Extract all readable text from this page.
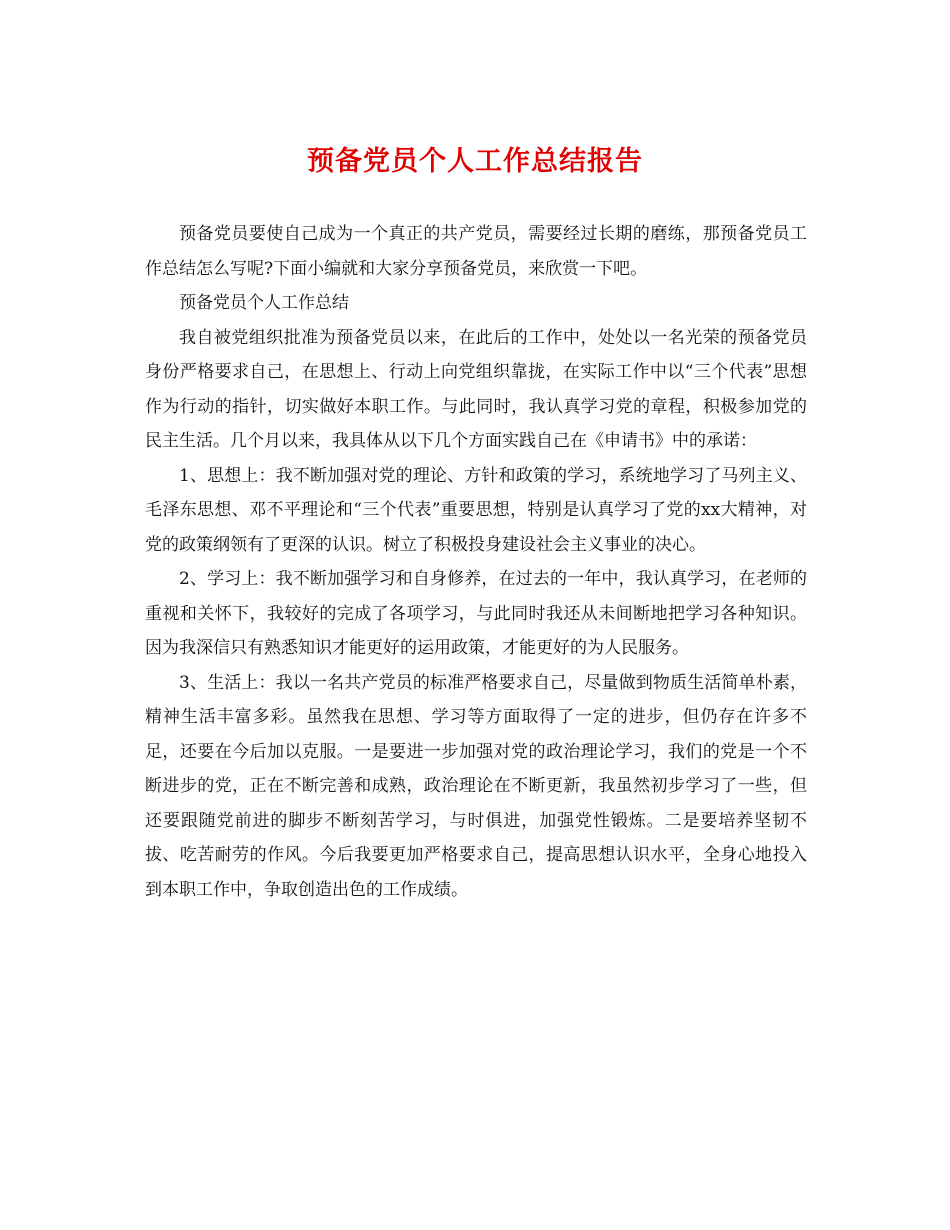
预备党员个人工作总结报告

预备党员要使自己成为一个真正的共产党员，需要经过长期的磨练，那预备党员工作总结怎么写呢?下面小编就和大家分享预备党员，来欣赏一下吧。

预备党员个人工作总结

我自被党组织批准为预备党员以来，在此后的工作中，处处以一名光荣的预备党员身份严格要求自己，在思想上、行动上向党组织靠拢，在实际工作中以“三个代表”思想作为行动的指针，切实做好本职工作。与此同时，我认真学习党的章程，积极参加党的民主生活。几个月以来，我具体从以下几个方面实践自己在《申请书》中的承诺：

1、思想上：我不断加强对党的理论、方针和政策的学习，系统地学习了马列主义、毛泽东思想、邓不平理论和“三个代表”重要思想，特别是认真学习了党的xx大精神，对党的政策纲领有了更深的认识。树立了积极投身建设社会主义事业的决心。

2、学习上：我不断加强学习和自身修养，在过去的一年中，我认真学习，在老师的重视和关怀下，我较好的完成了各项学习，与此同时我还从未间断地把学习各种知识。因为我深信只有熟悉知识才能更好的运用政策，才能更好的为人民服务。

3、生活上：我以一名共产党员的标准严格要求自己，尽量做到物质生活简单朴素，精神生活丰富多彩。虽然我在思想、学习等方面取得了一定的进步，但仍存在许多不足，还要在今后加以克服。一是要进一步加强对党的政治理论学习，我们的党是一个不断进步的党，正在不断完善和成熟，政治理论在不断更新，我虽然初步学习了一些，但还要跟随党前进的脚步不断刻苦学习，与时俱进，加强党性锻炼。二是要培养坚韧不拔、吃苦耐劳的作风。今后我要更加严格要求自己，提高思想认识水平，全身心地投入到本职工作中，争取创造出色的工作成绩。
